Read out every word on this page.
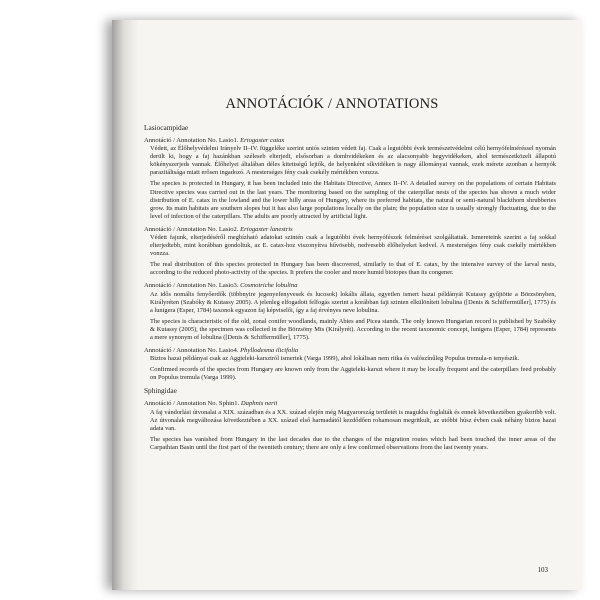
ANNOTÁCIÓK / ANNOTATIONS
Lasiocampidae
Annotáció / Annotation No. Lasio1. Eriogaster catax

Védett, az Élőhelyvédelmi Irányelv II–IV. függeléke szerint uniós szinten védett faj. Csak a legutóbbi évek természetvédelmi célú hernyófelméréssel nyomán derült ki, hogy a faj hazánkban széleseb elterjedt, elsősorban a dombvidékeken és az alacsonyabb hegyvidékeken, ahol természetközeli állapotú kökényszerjeds vannak. Élőhelyei általában déles kitettségű lejtők, de helyenként síkvidéken is nagy állományai vannak, ezek mérete azonban a hernyók parazitáltsága miatt erősen ingadozó. A mesterséges fény csak csekély mértékben vonzza.

The species is protected in Hungary, it has been included into the Habitats Directive, Annex II–IV. A detailed survey on the populations of certain Habitats Directive species was carried out in the last years. The monitoring based on the sampling of the caterpillar nests of the species has shown a much wider distribution of E. catax in the lowland and the lower hilly areas of Hungary, where its preferred habitats, the natural or semi-natural blackthorn shrubberies grow. Its main habitats are southern slopes but it has also large populations locally on the plain; the population size is usually strongly fluctuating, due to the level of infection of the caterpillars. The adults are poorly attracted by artificial light.

Annotáció / Annotation No. Lasio2. Eriogaster lanestris

Védett fajunk, elterjedéséről megbízható adatokat szintén csak a legutóbbi évek hernyófészek felmérései szolgáltattak. Ismereteink szerint a faj sokkal elterjedtebb, mint korábban gondoltuk, az E. catax-hoz viszonyítva hűvösebb, nedvesebb élőhelyeket kedvel. A mesterséges fény csak csekély mértékben vonzza.

The real distribution of this species protected in Hungary has been discovered, similarly to that of E. catax, by the intensive survey of the larval nests, according to the reduced photo-activity of the species. It prefers the cooler and more humid biotopes than its congener.

Annotáció / Annotation No. Lasio3. Cosmotriche lobulina

Az idős nomális fenyőerdők (többnyire jegenyefenyvesek és lucosok) lokális állata, egyetlen ismert hazai példányát Kutassy gyűjtötte a Börzsönyben, Királyréten (Szabóky & Kutassy 2005). A jelenleg elfogadott felfogás szerint a korábban faji szinten elkülönített lobulina ([Denis & Schiffermüller], 1775) és a lunigera (Esper, 1784) taxonok egyazon faj képviselői, így a faj érvényes neve lobulina.

The species is characteristic of the old, zonal conifer woodlands, mainly Abies and Picea stands. The only known Hungarian record is published by Szabóky & Kutassy (2005), the specimen was collected in the Börzsöny Mts (Királyrét). According to the recent taxonomic concept, lunigera (Esper, 1784) represents a mere synonym of lobulina ([Denis & Schiffermüller], 1775).

Annotáció / Annotation No. Lasio4. Phyllodesma ilicifolia

Biztos hazai példányai csak az Aggteleki-karsztról ismertek (Varga 1999), ahol lokálisan nem ritka és valószínűleg Populus tremula-n tenyészik.

Confirmed records of the species from Hungary are known only from the Aggteleki-karszt where it may be locally frequent and the caterpillars feed probably on Populus tremula (Varga 1999).

Sphingidae
Annotáció / Annotation No. Sphin1. Daphnis nerii

A faj vándorlási útvonalai a XIX. században és a XX. század elején még Magyarország területét is magukba foglalták és ennek következtében gyakoribb volt. Az útvonalak megváltozása következtében a XX. század első harmadától kezdődően rohamosan megritkult, az utóbbi húsz évben csak néhány biztos hazai adata van.

The species has vanished from Hungary in the last decades due to the changes of the migration routes which had been touched the inner areas of the Carpathian Basin until the first part of the twentieth century; there are only a few confirmed observations from the last twenty years.

103
